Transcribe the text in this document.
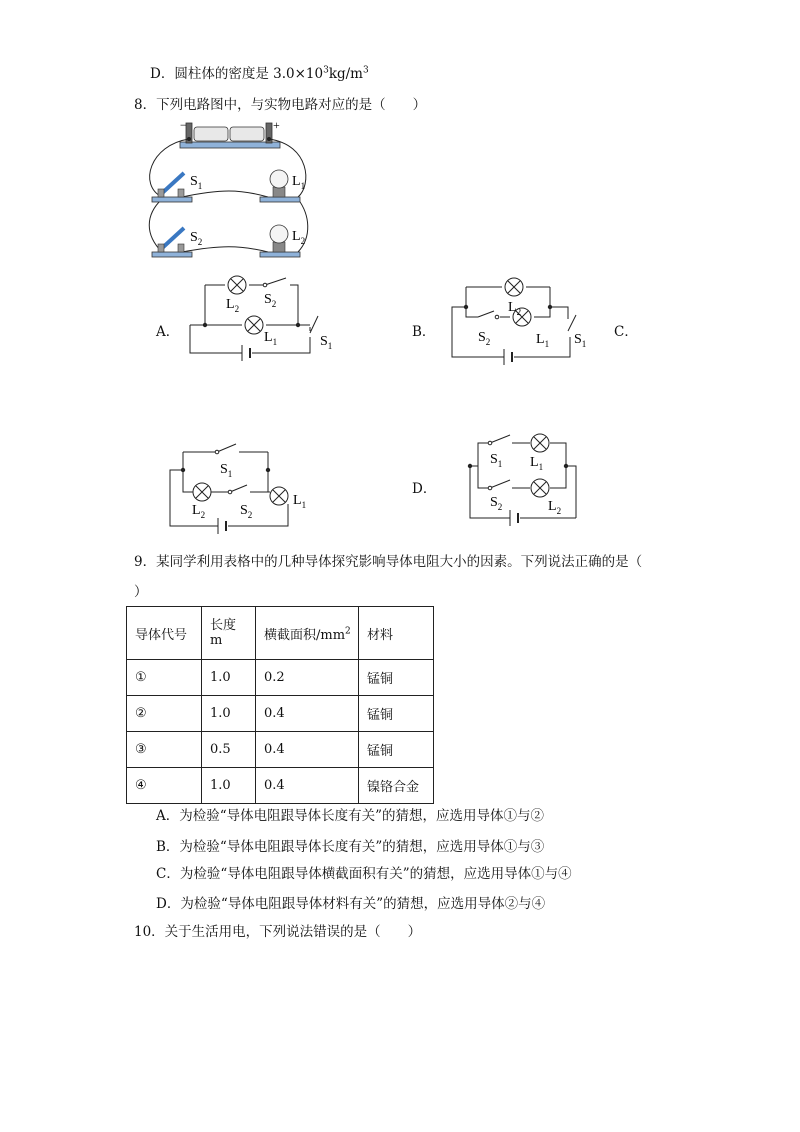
D．圆柱体的密度是 $3.0\times 10^3kg/m^3$
8．下列电路图中，与实物电路对应的是（　　）
−	+
$S_1$	$L_1$
$S_2$	$L_2$
A．	B．	C．
D．
$L_2$
$S_2$
$L_1$	$S_1$
$L_2$
$S_2$	$L_1$ $S_1$
$S_1$
$L_2$ $S_2$
$L_1$
$S_1$ $L_1$
$S_2$	$L_2$
9．某同学利用表格中的几种导体探究影响导体电阻大小的因素。下列说法正确的是（
）
导体代号	长度
m	横截面积$/mm^2$	材料
①	1.0	0.2	锰铜
②	1.0	0.4	锰铜
③	0.5	0.4	锰铜
④	1.0	0.4	镍铬合金
A．为检验“导体电阻跟导体长度有关”的猜想，应选用导体①与②
B．为检验“导体电阻跟导体长度有关”的猜想，应选用导体①与③
C．为检验“导体电阻跟导体横截面积有关”的猜想，应选用导体①与④
D．为检验“导体电阻跟导体材料有关”的猜想，应选用导体②与④
10．关于生活用电，下列说法错误的是（　　）
